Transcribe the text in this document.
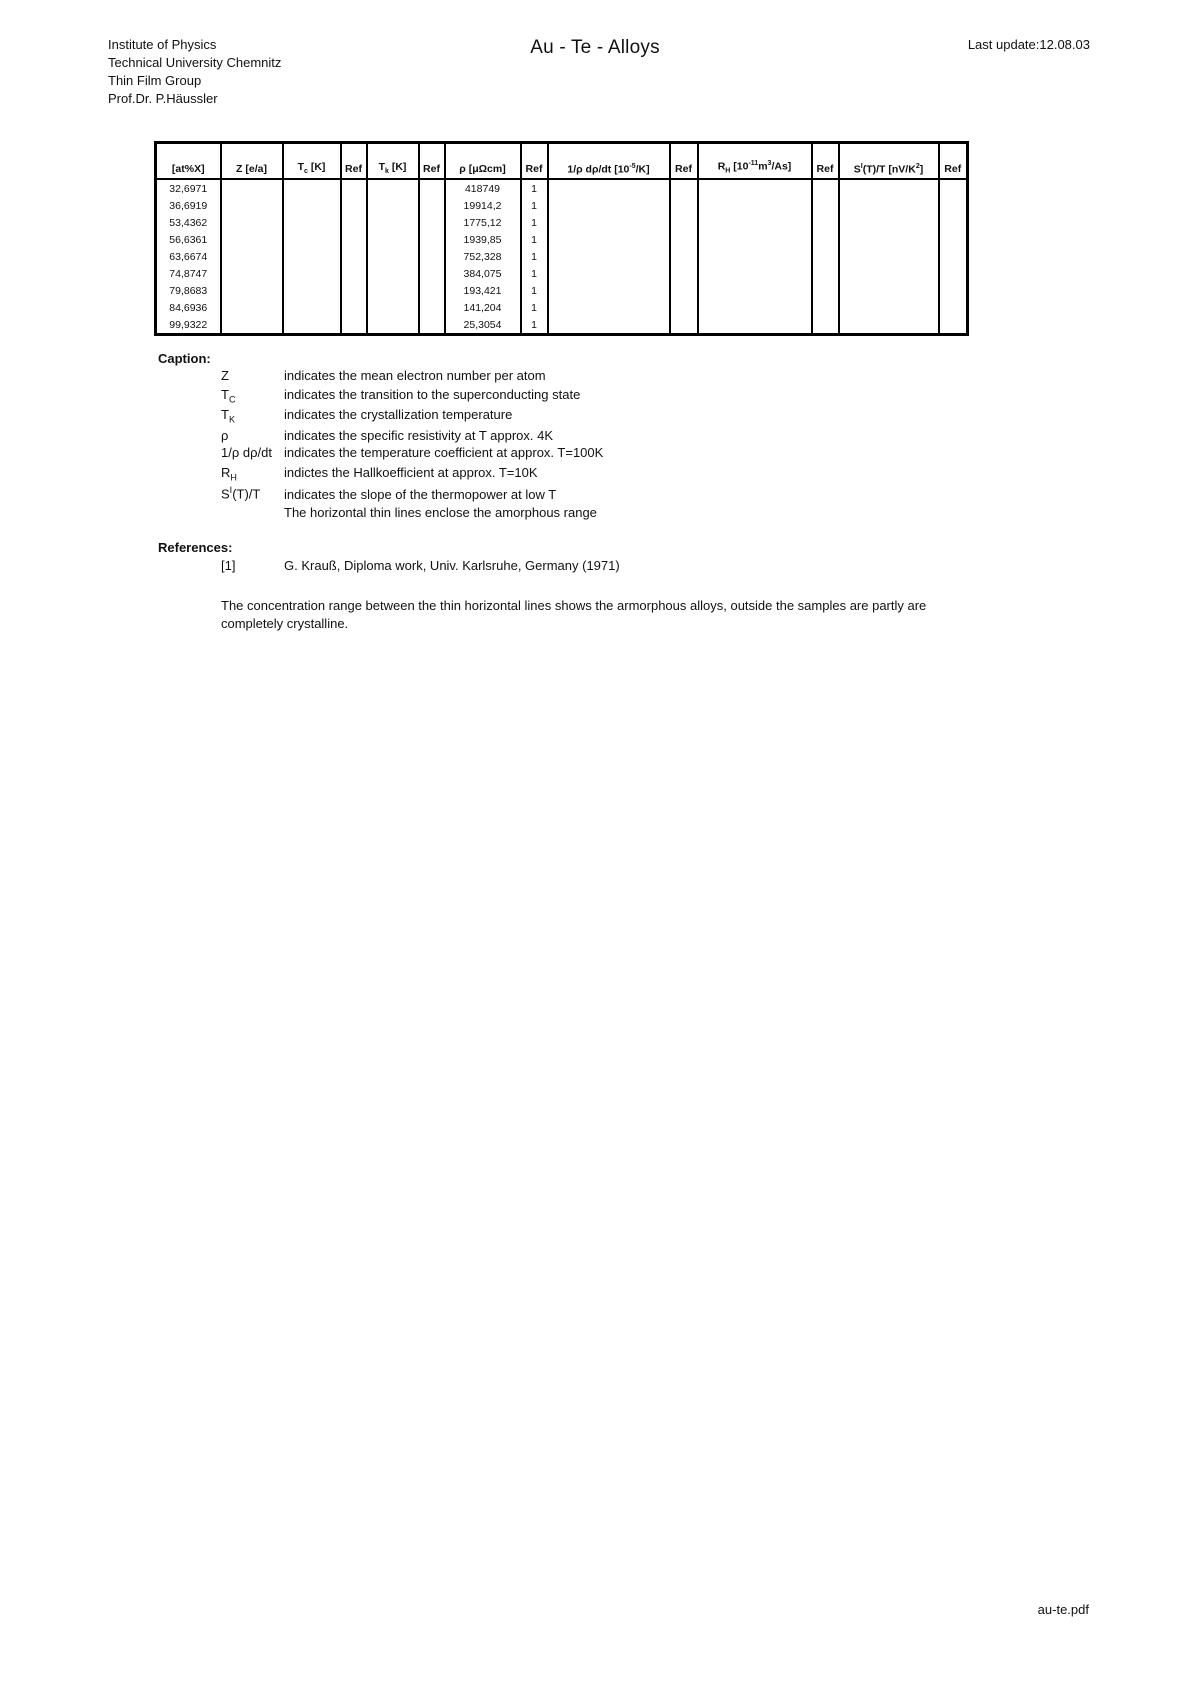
Institute of Physics
Technical University Chemnitz
Thin Film Group
Prof.Dr. P.Häussler
Au - Te - Alloys	Last update:12.08.03
[at%X]	Z [e/a]	$T_c$ [K]	Ref	$T_k$ [K]	Ref	ρ [μΩcm]	Ref	1/ρ dρ/dt $[10^{-5}/K]$	Ref	$R_H$ $[10^{-11}m^3/As]$	Ref	$S^I(T)/T$ $[nV/K^2]$	Ref
32,6971						418749	1						
36,6919						19914,2	1						
53,4362						1775,12	1						
56,6361						1939,85	1						
63,6674						752,328	1						
74,8747						384,075	1						
79,8683						193,421	1						
84,6936						141,204	1						
99,9322						25,3054	1						
Caption:
Z	indicates the mean electron number per atom
$T_C$	indicates the transition to the superconducting state
$T_K$	indicates the crystallization temperature
ρ	indicates the specific resistivity at T approx. 4K
1/ρ dρ/dt indicates the temperature coefficient at approx. T=100K
$R_H$	indictes the Hallkoefficient at approx. T=10K
$S^I(T)/T$ indicates the slope of the thermopower at low T
The horizontal thin lines enclose the amorphous range
References:
[1]	G. Krauß, Diploma work, Univ. Karlsruhe, Germany (1971)
The concentration range between the thin horizontal lines shows the armorphous alloys, outside the samples are partly are completely crystalline.
au-te.pdf
